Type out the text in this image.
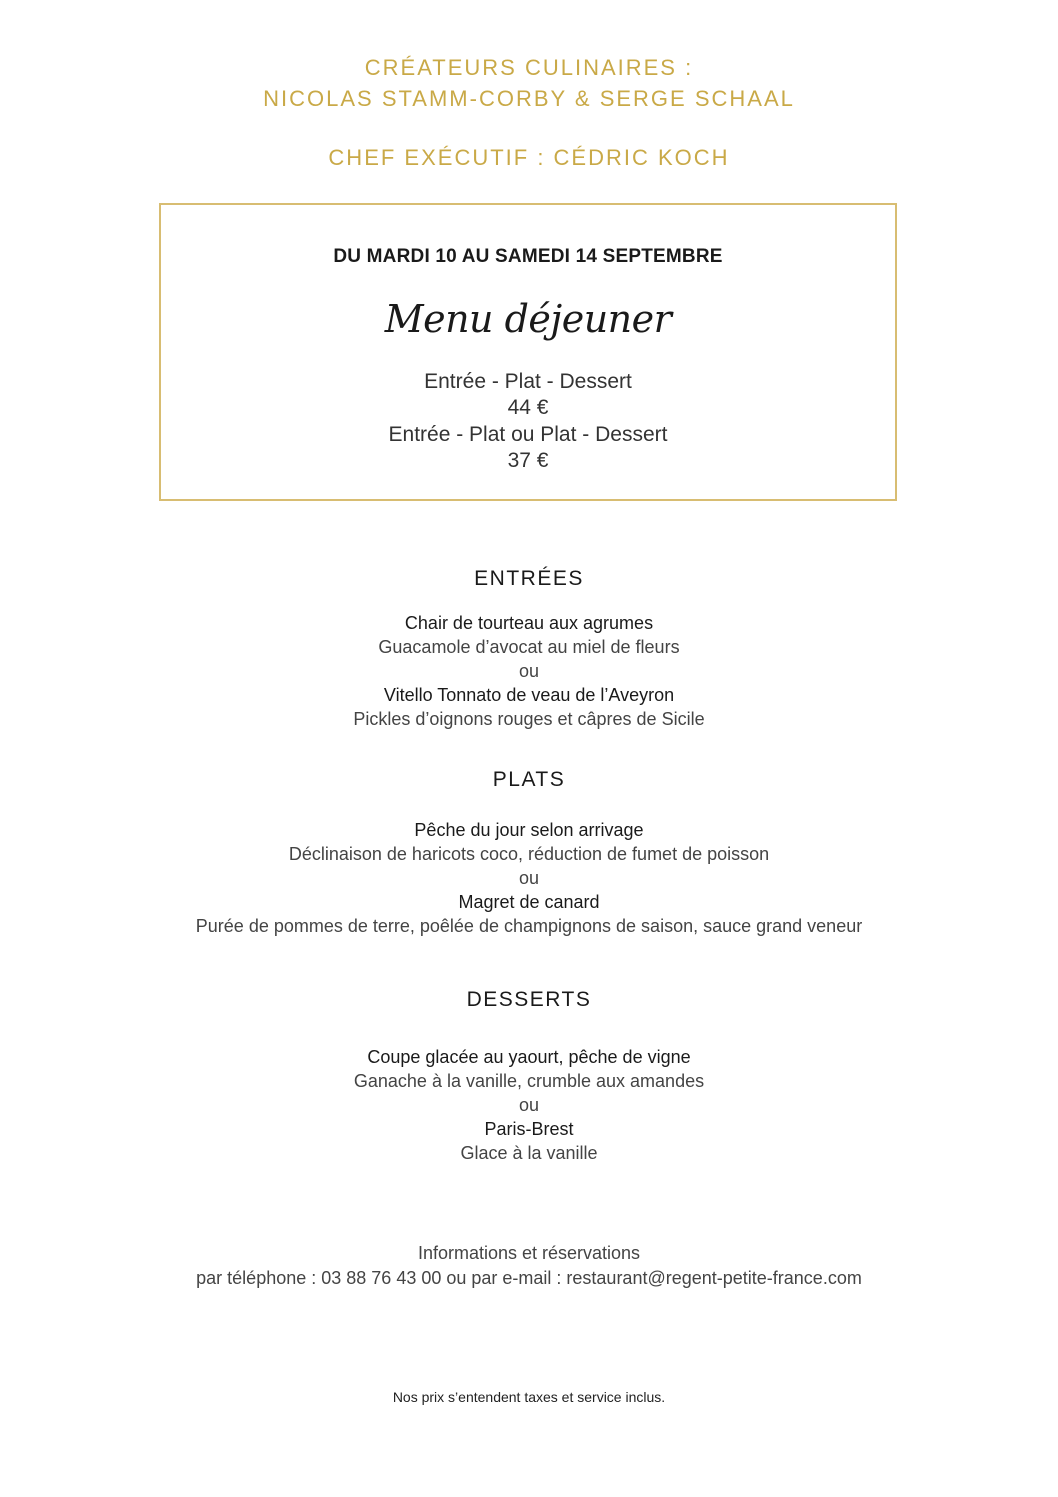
CRÉATEURS CULINAIRES :
NICOLAS STAMM-CORBY & SERGE SCHAAL
CHEF EXÉCUTIF : CÉDRIC KOCH
DU MARDI 10 AU SAMEDI 14 SEPTEMBRE
Menu déjeuner
Entrée - Plat - Dessert
44 €
Entrée - Plat ou Plat - Dessert
37 €
ENTRÉES
Chair de tourteau aux agrumes
Guacamole d’avocat au miel de fleurs
ou
Vitello Tonnato de veau de l’Aveyron
Pickles d’oignons rouges et câpres de Sicile
PLATS
Pêche du jour selon arrivage
Déclinaison de haricots coco, réduction de fumet de poisson
ou
Magret de canard
Purée de pommes de terre, poêlée de champignons de saison, sauce grand veneur
DESSERTS
Coupe glacée au yaourt, pêche de vigne
Ganache à la vanille, crumble aux amandes
ou
Paris-Brest
Glace à la vanille
Informations et réservations
par téléphone : 03 88 76 43 00 ou par e-mail : restaurant@regent-petite-france.com
Nos prix s’entendent taxes et service inclus.
